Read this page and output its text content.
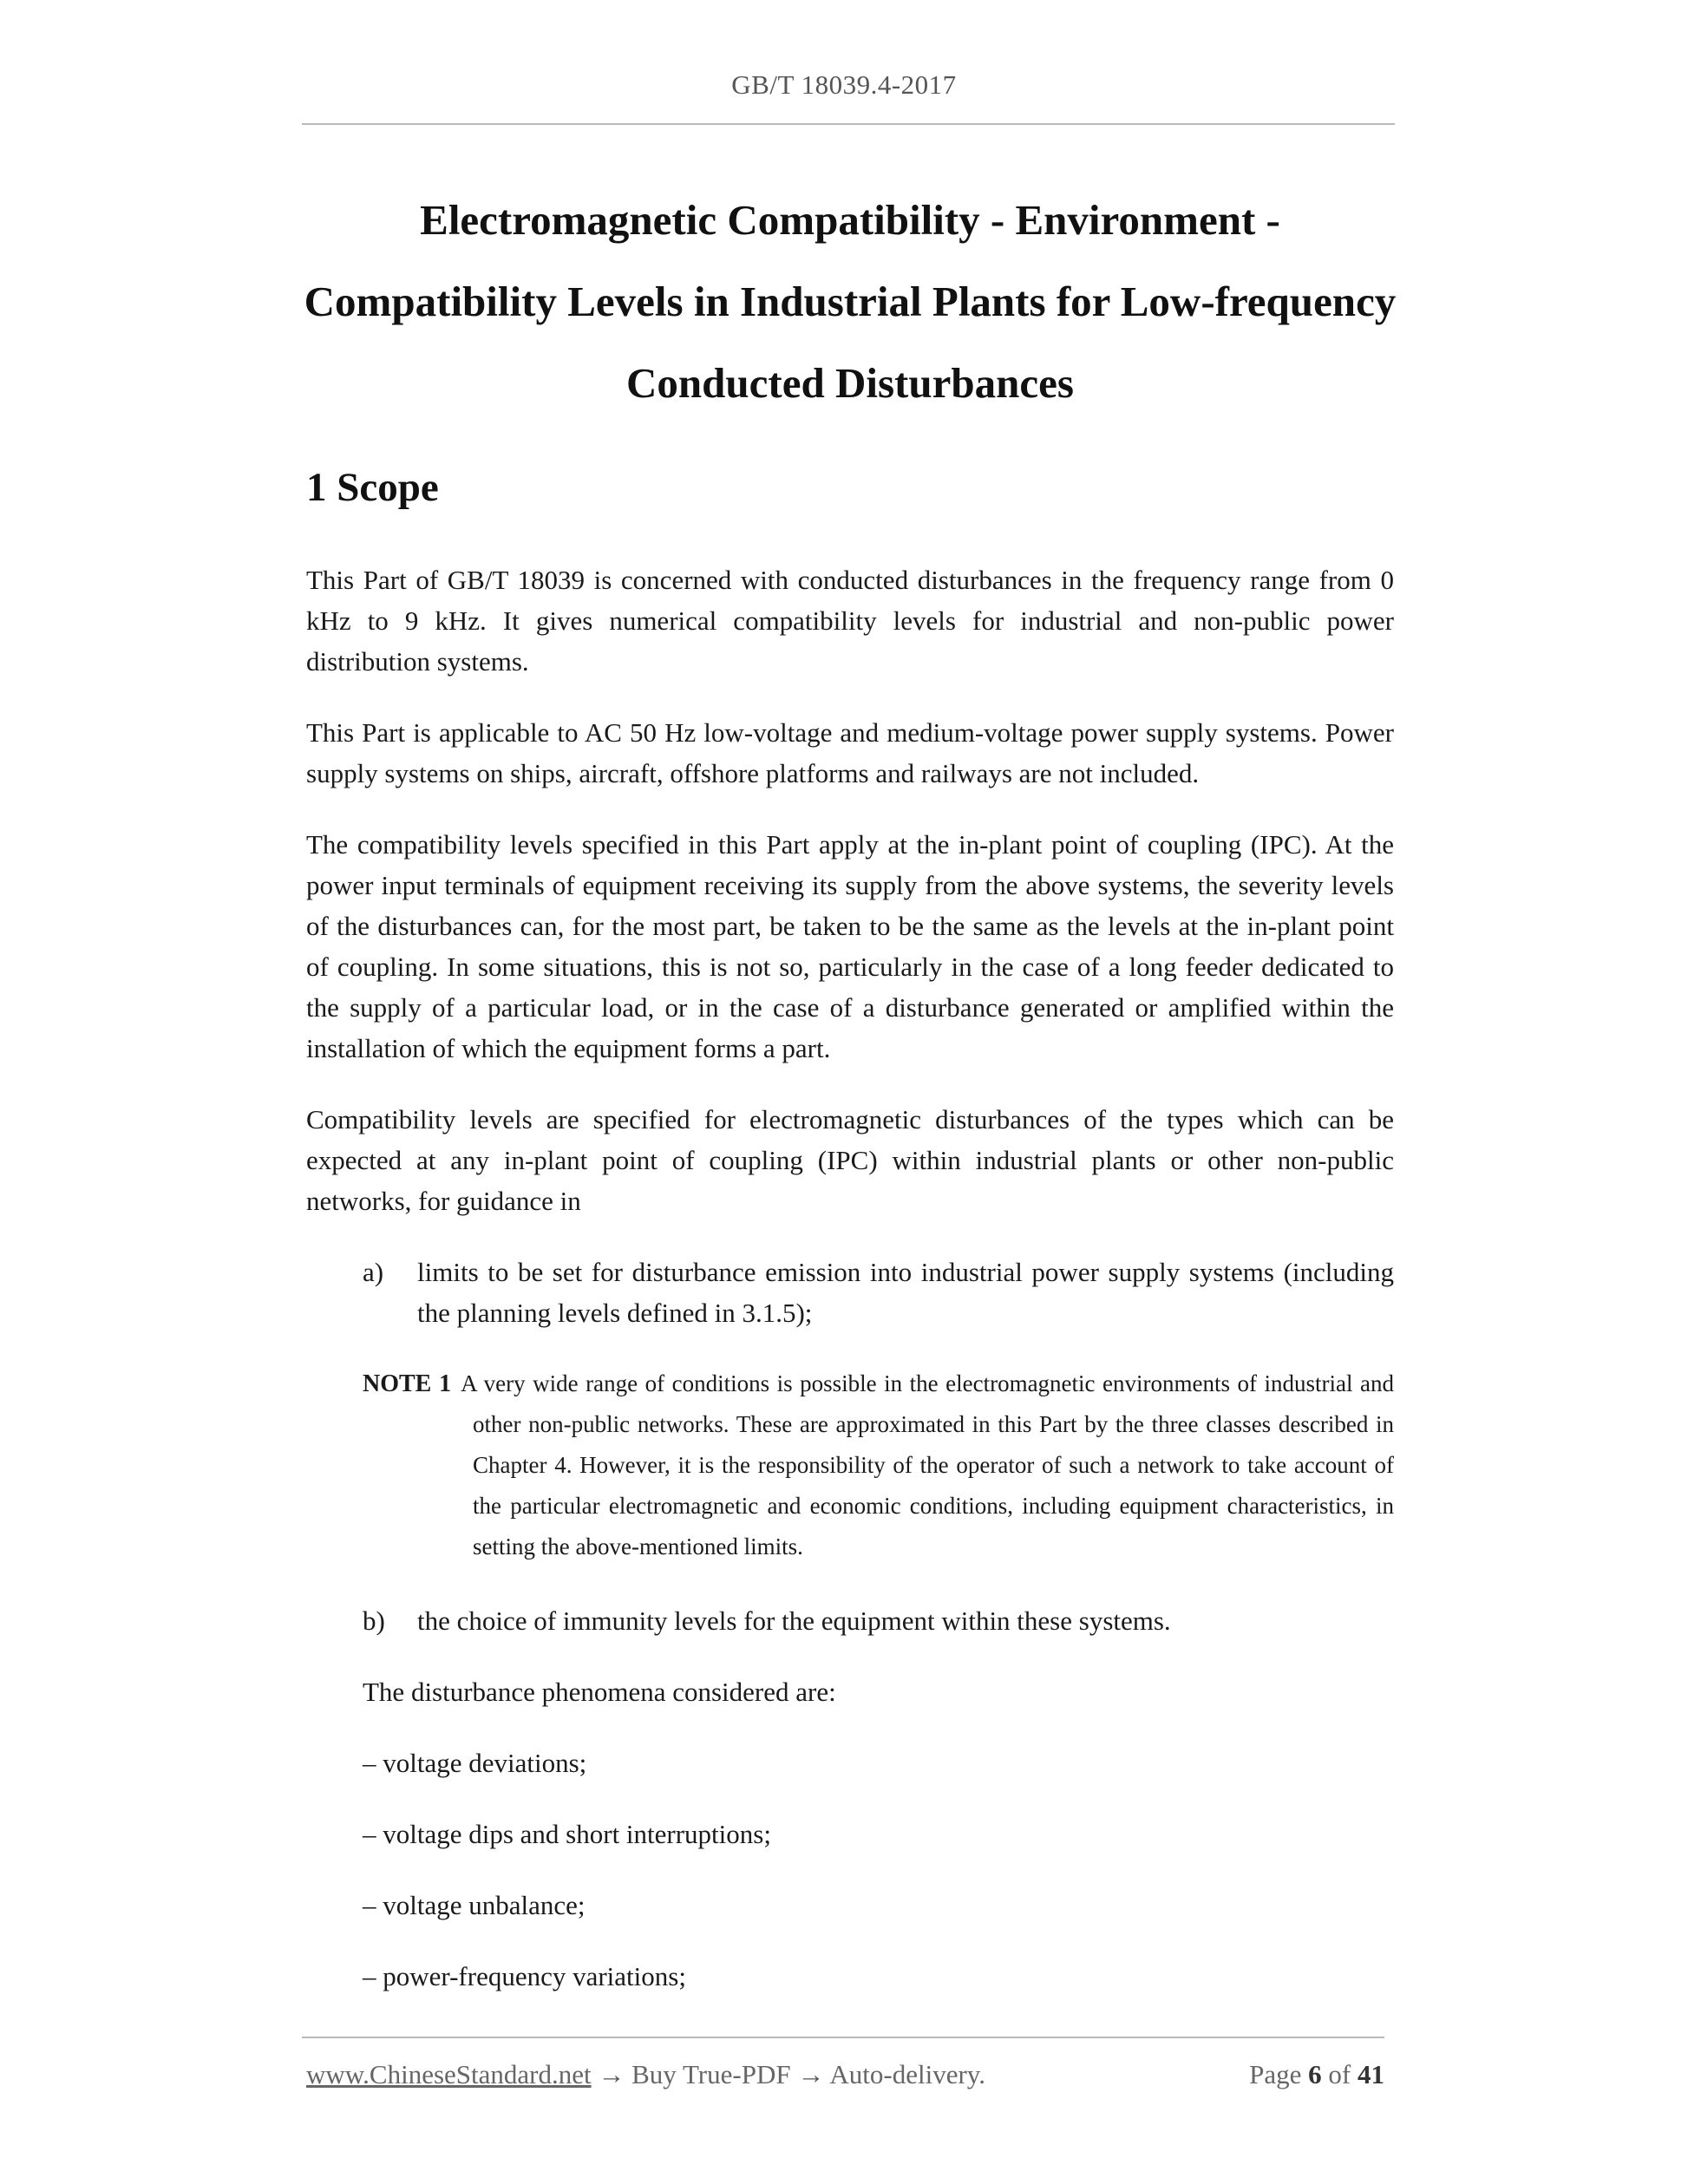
GB/T 18039.4-2017
Electromagnetic Compatibility - Environment -
Compatibility Levels in Industrial Plants for Low-frequency
Conducted Disturbances
1 Scope

This Part of GB/T 18039 is concerned with conducted disturbances in the frequency range from 0 kHz to 9 kHz. It gives numerical compatibility levels for industrial and non-public power distribution systems.

This Part is applicable to AC 50 Hz low-voltage and medium-voltage power supply systems. Power supply systems on ships, aircraft, offshore platforms and railways are not included.

The compatibility levels specified in this Part apply at the in-plant point of coupling (IPC). At the power input terminals of equipment receiving its supply from the above systems, the severity levels of the disturbances can, for the most part, be taken to be the same as the levels at the in-plant point of coupling. In some situations, this is not so, particularly in the case of a long feeder dedicated to the supply of a particular load, or in the case of a disturbance generated or amplified within the installation of which the equipment forms a part.

Compatibility levels are specified for electromagnetic disturbances of the types which can be expected at any in-plant point of coupling (IPC) within industrial plants or other non-public networks, for guidance in

a)	limits to be set for disturbance emission into industrial power supply systems (including the planning levels defined in 3.1.5);

NOTE 1 A very wide range of conditions is possible in the electromagnetic environments of industrial and other non-public networks. These are approximated in this Part by the three classes described in Chapter 4. However, it is the responsibility of the operator of such a network to take account of the particular electromagnetic and economic conditions, including equipment characteristics, in setting the above-mentioned limits.
b)	the choice of immunity levels for the equipment within these systems.

The disturbance phenomena considered are:

– voltage deviations;

– voltage dips and short interruptions;

– voltage unbalance;

– power-frequency variations;

www.ChineseStandard.net → Buy True-PDF → Auto-delivery.	Page 6 of 41
